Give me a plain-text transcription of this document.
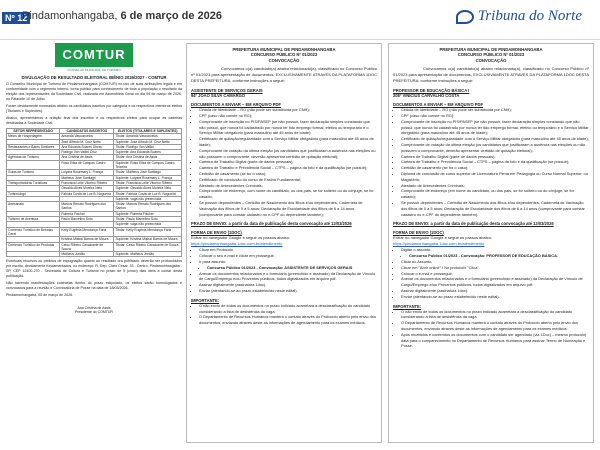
Nº 12
Pindamonhangaba, 6 de março de 2026	Tribuna do Norte
COMTUR
CONSELHO MUNICIPAL DE TURISMO
DIVULGAÇÃO DE RESULTADO ELEITORAL BIÊNIO 2026/2027 - COMTUR

O Conselho Municipal de Turismo de Pindamonhangaba (COMTUR) no uso de suas atribuições legais e em conformidade com o regimento interno, torna público para conhecimento de toda a população o resultado da eleição dos representantes da Sociedade Civil, realizada em Assembleia Geral no dia 04 de março de 2026, no Palacete 10 de Julho.

Foram devidamente nomeados abaixo os candidatos inscritos por categoria e os respectivos membros eleitos (Titulares e Suplentes).

Abaixo, apresentamos a relação final dos inscritos e os respectivos eleitos para ocupar as cadeiras destinadas à Sociedade Civil:

SETOR REPRESENTADO	CANDIDATOS INSCRITOS	ELEITOS (TITULARES E SUPLENTES)
Meios de Hospedagem	Amanda Vasconcelos	Titular: Amanda Vasconcelos
	José Alfredo M. Cruz Netto	Suplente: José Alfredo M. Cruz Netto
Restaurantes e Bares Similares	Ana Eduarda Soares Dirceu	Titular: Rodrigo Von Vallini
	Rodrigo Von Vallini Cruz	Suplente: Ana Eduarda Soares
Agências de Turismo	Ana Cristina de Assis	Titular: Ana Cristina de Assis
	Rosa Elisa de Campos Castro	Suplente: Rosa Elisa de Campos Castro Teixeira
Guias de Turismo	Luiyara Rosemary L. França	Titular: Matheus José Santiago
	Matheus José Santiago	Suplente: Luiyara Rosemary L. França
Transportadoras Turísticas	Francisca Leite Vitorino Ribeiro	Titular: Francisca Leite Vitorino Ribeiro
	Osvaldo Alves Moreira Neto	Suplente: Osvaldo Alves Moreira Neto
Turismólogo	Fabiola Costa de Luz B. Nogueira	Titular: Fabiola Costa de Luz B. Nogueira
		Suplente: vaga não preenchida
Artesanato	Marcos Renato Rodrigues dos Santos	Titular: Marcos Renato Rodrigues dos Santos
	Roberta Fischer	Suplente: Roberta Fischer
Turismo de Aventura	Paulo Marcelino Soto	Titular: Paulo Marcelino Soto
		Suplente: vaga não preenchida
Comércio Turístico de Bebidas Geral	Kelly Eugênia Mendonça Faria	Titular: Kelly Eugênia Mendonça Faria
	Kristina Mistral Barros de Moura	Suplente: Kristina Mistral Barros de Moura
Comércio Turístico de Produtos	Celso Ribeiro Cavalcante de Souza	Titular: Celso Ribeiro Cavalcante de Souza
	Matheus Jordão	Suplente: Matheus Jordão

Eventuais recursos ou pedidos de impugnação quanto ao resultado ora publicado deverão ser protocolados por escrito, devidamente fundamentados, no endereço: R. Dep. Claro César, 33 - Centro, Pindamonhangaba - SP, CEP 12400-270 - Secretaria de Cultura e Turismo no prazo de 5 (cinco) dias úteis a contar desta publicação.

Não havendo manifestações contrárias dentro do prazo estipulado, os eleitos serão homologados e convocados para a reunião e Convocatória de Posse na data de 18/03/2026.

Pindamonhangaba, 05 de março de 2026.

Ana Cristina de Assis
Presidente do COMTUR
PREFEITURA MUNICIPAL DE PINDAMONHANGABA
CONCURSO PÚBLICO Nº 01/2023
CONVOCAÇÃO

Convocamos o(a) candidato(a) abaixo relacionado(a), classificado no Concurso Público nº 01/2023 para apresentação de documentos, EXCLUSIVAMENTE ATRAVÉS DA PLATAFORMA 1DOC DESTA PREFEITURA, conforme instruções a seguir:

ASSISTENTE DE SERVIÇOS GERAIS
94º JOAO SILVA CAMARGO
DOCUMENTOS A ENVIAR – EM ARQUIVO PDF
• Cédula de Identidade – RG (não pode ser substituída por CNH);
• CPF (caso não conste no RG);
• Comprovante de inscrição no PIS/PASEP (se não possuir, fazer declaração simples constando que não possui, que nunca foi cadastrado por nunca ter tido emprego formal, efetivo ou temporário e o Serviço Militar obrigatório (para masculino até 45 anos de idade);
• Certificado de quitação/regularidade com o Serviço Militar obrigatório (para masculino até 45 anos de idade);
• Comprovante de votação da última eleição (os candidatos que justificaram a ausência nas eleições ou não possuem o comprovante, deverão apresentar certidão de quitação eleitoral);
• Carteira de Trabalho Digital (parte de dados pessoais);
• Carteira de Trabalho e Previdência Social – CTPS – página da foto e da qualificação (se possuir);
• Certidão de casamento (se for o caso);
• Certificado de conclusão do curso de Ensino Fundamental;
• Atestado de Antecedentes Criminais;
• Comprovante de endereço, com nome do candidato, ou dos pais, se for solteiro ou do cônjuge, se for casado;
• Se possuir dependentes – Certidão de Nascimento dos filhos e/ou dependentes, Caderneta de Vacinação dos filhos de 0 a 5 anos; Declaração de Escolaridade dos filhos de 6 a 14 anos (comprovante para constar cadastro no e-CPF do dependente também);
PRAZO DE ENVIO: a partir da data de publicação desta convocação até 13/03/2026
FORMA DE ENVIO (1DOC)
Entrar no navegador Google e seguir os passos abaixo:
https://pindamonhangaba.1doc.com.br/atendimento
• Clicar em Protocolo.
• Colocar o seu e-mail e clicar em prosseguir.
• Ir para assunto:
• Concurso Público 01/2023 - Convocação: ASSISTENTE DE SERVIÇOS GERAIS
• Anexar os documentos relacionados e o formulário (preenchido e assinado) da Declaração de Vínculo de Cargo/Emprego e/ou Proventos públicos, todos digitalizados em arquivo pdf.
• Assinar digitalmente (assinatura 1doc).
• Enviar (atentando-se ao prazo estabelecido neste edital).
IMPORTANTE:
• O não envio de todos os documentos no prazo indicado acarretará a desclassificação do candidato considerando a lista de desistência da vaga.
• O Departamento de Recursos Humanos manterá o contato através do Protocolo aberto pelo envio dos documentos, enviando através deste as informações de agendamento para os exames médicos.
PREFEITURA MUNICIPAL DE PINDAMONHANGABA
CONCURSO PÚBLICO Nº 01/2023
CONVOCAÇÃO

Convocamos o(a) candidato(a) abaixo relacionado(a), classificado no Concurso Público nº 01/2023 para apresentação de documentos, EXCLUSIVAMENTE ATRAVÉS DA PLATAFORMA 1DOC DESTA PREFEITURA, conforme instruções a seguir:

PROFESSOR DE EDUCAÇÃO BÁSICA I
208º VINÍCIUS CARVALHO COSTA
DOCUMENTOS A ENVIAR – EM ARQUIVO PDF
• Cédula de Identidade – RG (não pode ser substituída por CNH);
• CPF (caso não conste no RG);
• Comprovante de inscrição no PIS/PASEP (se não possuir, fazer declaração simples constando que não possui, que nunca foi cadastrado por nunca ter tido emprego formal, efetivo ou temporário e o Serviço Militar obrigatório (para masculino até 45 anos de idade);
• Certificado de quitação/regularidade com o Serviço Militar obrigatório (para masculino até 45 anos de idade);
• Comprovante de votação da última eleição (os candidatos que justificaram a ausência nas eleições ou não possuem o comprovante, deverão apresentar certidão de quitação eleitoral);
• Carteira de Trabalho Digital (parte de dados pessoais);
• Carteira de Trabalho e Previdência Social – CTPS – página da foto e da qualificação (se possuir);
• Certidão de casamento (se for o caso);
• Diploma de conclusão de curso superior de Licenciatura Plena em Pedagogia ou Curso Normal Superior; ou Magistério;
• Atestado de Antecedentes Criminais;
• Comprovante de endereço (em nome do candidato, ou dos pais, se for solteiro ou do cônjuge, se for casado);
• Se possuir dependentes – Certidão de Nascimento dos filhos e/ou dependentes, Caderneta de Vacinação dos filhos de 0 a 5 anos; Declaração de Escolaridade dos filhos de 6 a 14 anos (comprovante para constar cadastro no e-CPF do dependente também).
PRAZO DE ENVIO: a partir da data de publicação desta convocação até 13/03/2026
FORMA DE ENVIO (1DOC)
Entrar no navegador Google e seguir os passos abaixo:
https://pindamonhangaba.1doc.com.br/atendimento
• Digitar o assunto:
• Concurso Público 01/2023 - Convocação: PROFESSOR DE EDUCAÇÃO BÁSICA.
• Clicar no Assunto.
• Clicar em "Abrir online" / No protocolo "Clica".
• Colocar o e-mail e prosseguir.
• Anexar os documentos relacionados e o formulário (preenchido e assinado) da Declaração de Vínculo de Cargo/Emprego e/ou Proventos públicos, todos digitalizados em arquivo pdf.
• Assinar digitalmente (assinatura 1doc).
• Enviar (atentando-se ao prazo estabelecido neste edital).
IMPORTANTE:
• O não envio de todos os documentos no prazo indicado acarretará a desclassificação do candidato considerando a lista de desistência da vaga.
• O Departamento de Recursos Humanos manterá o contato através do Protocolo aberto pelo envio dos documentos, enviando através deste as informações de agendamento para os exames médicos.
• Após recebidos e conferidos os documentos com o candidato ser agendado (via 1Doc) – mesmo protocolo) data para o comparecimento no Departamento de Recursos Humanos para assinar Termo de Nomeação e Posse.
